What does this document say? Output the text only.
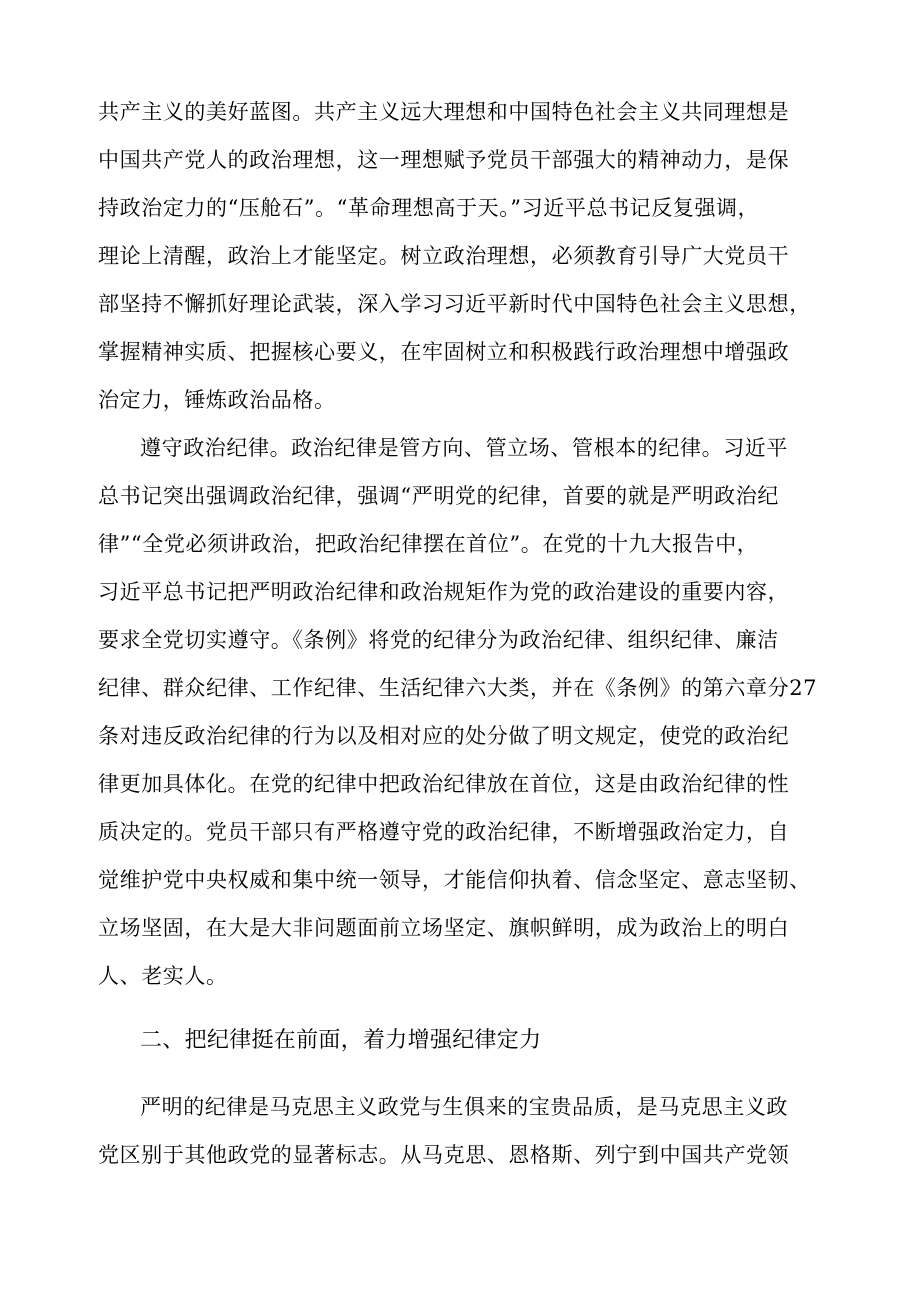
共产主义的美好蓝图。共产主义远大理想和中国特色社会主义共同理想是
中国共产党人的政治理想，这一理想赋予党员干部强大的精神动力，是保
持政治定力的“压舱石”。“革命理想高于天。”习近平总书记反复强调，
理论上清醒，政治上才能坚定。树立政治理想，必须教育引导广大党员干
部坚持不懈抓好理论武装，深入学习习近平新时代中国特色社会主义思想，
掌握精神实质、把握核心要义，在牢固树立和积极践行政治理想中增强政
治定力，锤炼政治品格。
遵守政治纪律。政治纪律是管方向、管立场、管根本的纪律。习近平
总书记突出强调政治纪律，强调“严明党的纪律，首要的就是严明政治纪
律”“全党必须讲政治，把政治纪律摆在首位”。在党的十九大报告中，
习近平总书记把严明政治纪律和政治规矩作为党的政治建设的重要内容，
要求全党切实遵守。《条例》将党的纪律分为政治纪律、组织纪律、廉洁
纪律、群众纪律、工作纪律、生活纪律六大类，并在《条例》的第六章分27
条对违反政治纪律的行为以及相对应的处分做了明文规定，使党的政治纪
律更加具体化。在党的纪律中把政治纪律放在首位，这是由政治纪律的性
质决定的。党员干部只有严格遵守党的政治纪律，不断增强政治定力，自
觉维护党中央权威和集中统一领导，才能信仰执着、信念坚定、意志坚韧、
立场坚固，在大是大非问题面前立场坚定、旗帜鲜明，成为政治上的明白
人、老实人。
二、把纪律挺在前面，着力增强纪律定力
严明的纪律是马克思主义政党与生俱来的宝贵品质，是马克思主义政
党区别于其他政党的显著标志。从马克思、恩格斯、列宁到中国共产党领
